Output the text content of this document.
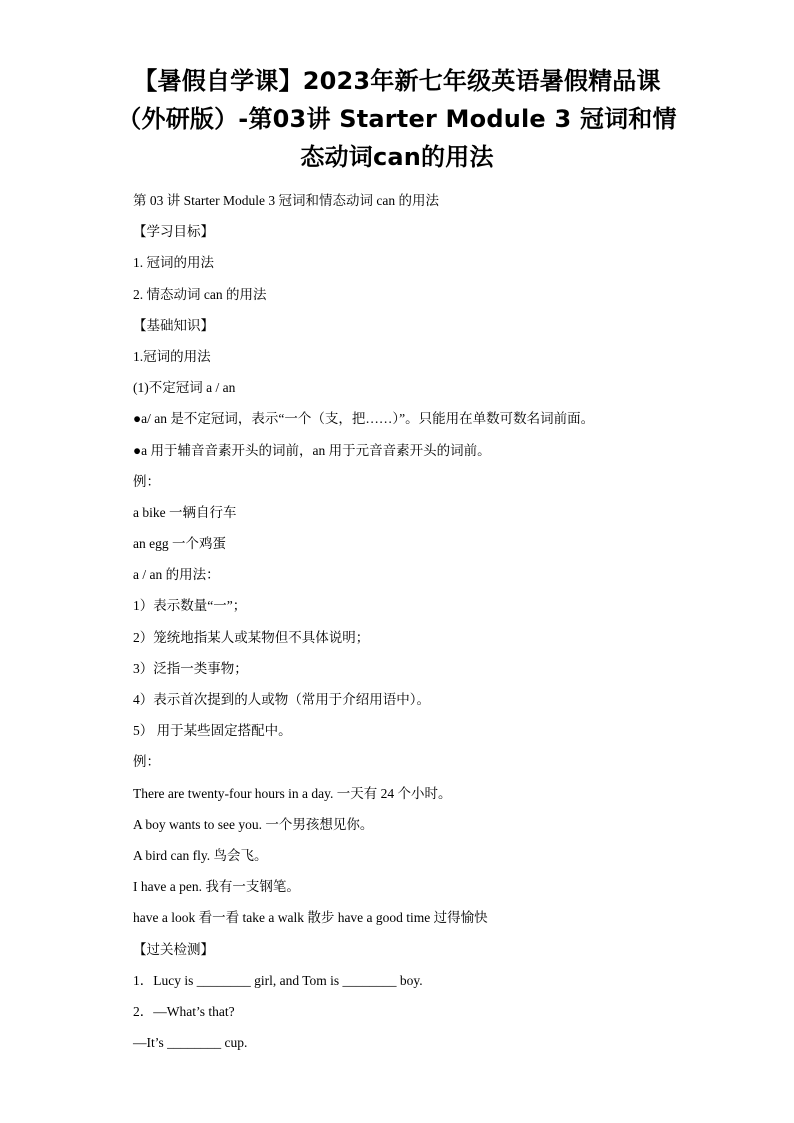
【暑假自学课】2023年新七年级英语暑假精品课
（外研版）-第03讲 Starter Module 3 冠词和情
态动词can的用法
第 03 讲 Starter Module 3 冠词和情态动词 can 的用法
【学习目标】
1. 冠词的用法
2. 情态动词 can 的用法
【基础知识】
1.冠词的用法
(1)不定冠词 a / an
●a/ an 是不定冠词，表示“一个（支，把……）”。只能用在单数可数名词前面。
●a 用于辅音音素开头的词前，an 用于元音音素开头的词前。
例：
a bike 一辆自行车
an egg 一个鸡蛋
a / an 的用法：
1）表示数量“一”；
2）笼统地指某人或某物但不具体说明；
3）泛指一类事物；
4）表示首次提到的人或物（常用于介绍用语中）。
5） 用于某些固定搭配中。
例：
There are twenty-four hours in a day. 一天有 24 个小时。
A boy wants to see you. 一个男孩想见你。
A bird can fly. 鸟会飞。
I have a pen. 我有一支钢笔。
have a look 看一看 take a walk 散步 have a good time 过得愉快
【过关检测】
1．Lucy is ________ girl, and Tom is ________ boy.
2．—What’s that?
—It’s ________ cup.
